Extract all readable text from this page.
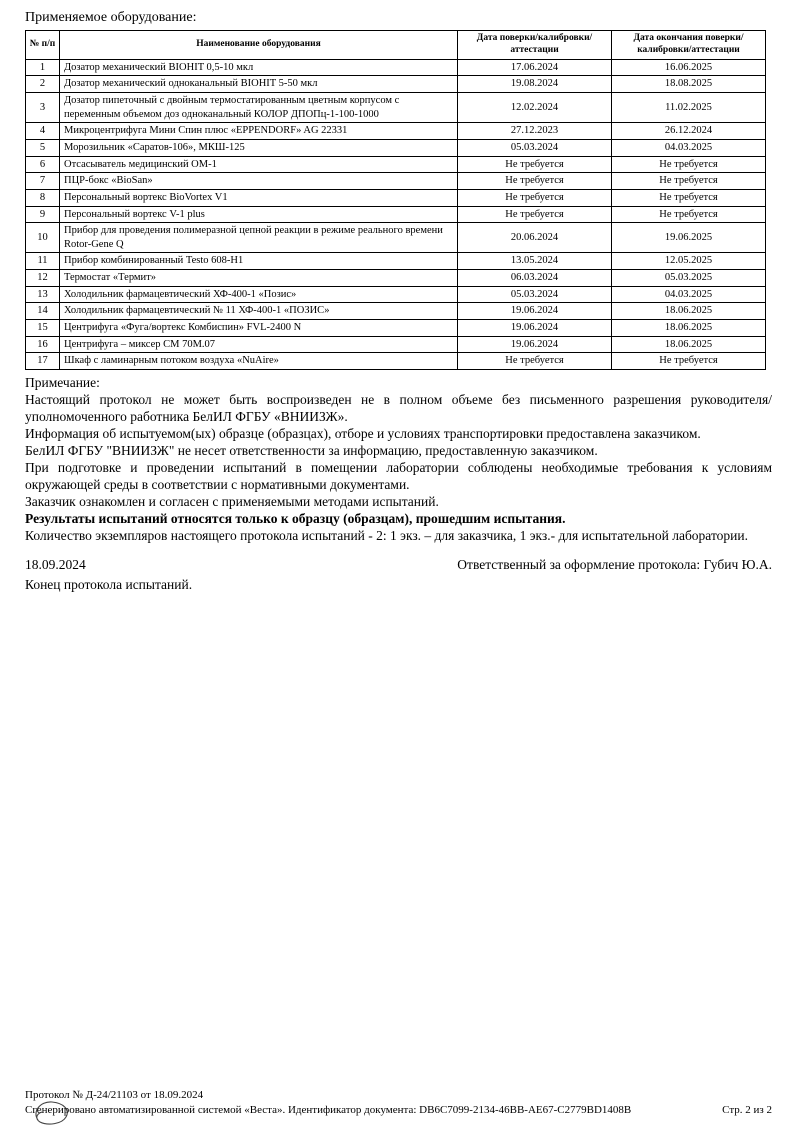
Применяемое оборудование:
№ п/п	Наименование оборудования	Дата поверки/калибровки/аттестации	Дата окончания поверки/калибровки/аттестации
1	Дозатор механический BIOHIT 0,5-10 мкл	17.06.2024	16.06.2025
2	Дозатор механический одноканальный BIOHIT 5-50 мкл	19.08.2024	18.08.2025
3	Дозатор пипеточный с двойным термостатированным цветным корпусом с переменным объемом доз одноканальный КОЛОР ДПОПц-1-100-1000	12.02.2024	11.02.2025
4	Микроцентрифуга Мини Спин плюс «EPPENDORF» AG 22331	27.12.2023	26.12.2024
5	Морозильник «Саратов-106», МКШ-125	05.03.2024	04.03.2025
6	Отсасыватель медицинский ОМ-1	Не требуется	Не требуется
7	ПЦР-бокс «BioSan»	Не требуется	Не требуется
8	Персональный вортекс BioVortex V1	Не требуется	Не требуется
9	Персональный вортекс V-1 plus	Не требуется	Не требуется
10	Прибор для проведения полимеразной цепной реакции в режиме реального времени Rotor-Gene Q	20.06.2024	19.06.2025
11	Прибор комбинированный Testo 608-H1	13.05.2024	12.05.2025
12	Термостат «Термит»	06.03.2024	05.03.2025
13	Холодильник фармацевтический ХФ-400-1 «Позис»	05.03.2024	04.03.2025
14	Холодильник фармацевтический № 11 ХФ-400-1 «ПОЗИС»	19.06.2024	18.06.2025
15	Центрифуга «Фуга/вортекс Комбиспин» FVL-2400 N	19.06.2024	18.06.2025
16	Центрифуга – миксер СМ 70М.07	19.06.2024	18.06.2025
17	Шкаф с ламинарным потоком воздуха «NuAire»	Не требуется	Не требуется
Примечание:

Настоящий протокол не может быть воспроизведен не в полном объеме без письменного разрешения руководителя/уполномоченного работника БелИЛ ФГБУ «ВНИИЗЖ».

Информация об испытуемом(ых) образце (образцах), отборе и условиях транспортировки предоставлена заказчиком.

БелИЛ ФГБУ "ВНИИЗЖ" не несет ответственности за информацию, предоставленную заказчиком.

При подготовке и проведении испытаний в помещении лаборатории соблюдены необходимые требования к условиям окружающей среды в соответствии с нормативными документами.

Заказчик ознакомлен и согласен с применяемыми методами испытаний.

Результаты испытаний относятся только к образцу (образцам), прошедшим испытания.

Количество экземпляров настоящего протокола испытаний - 2: 1 экз. – для заказчика, 1 экз.- для испытательной лаборатории.

18.09.2024	Ответственный за оформление протокола: Губич Ю.А.
Конец протокола испытаний.
Протокол № Д-24/21103 от 18.09.2024
Сгенерировано автоматизированной системой «Веста». Идентификатор документа: DB6C7099-2134-46BB-AE67-C2779BD1408B	Стр. 2 из 2
